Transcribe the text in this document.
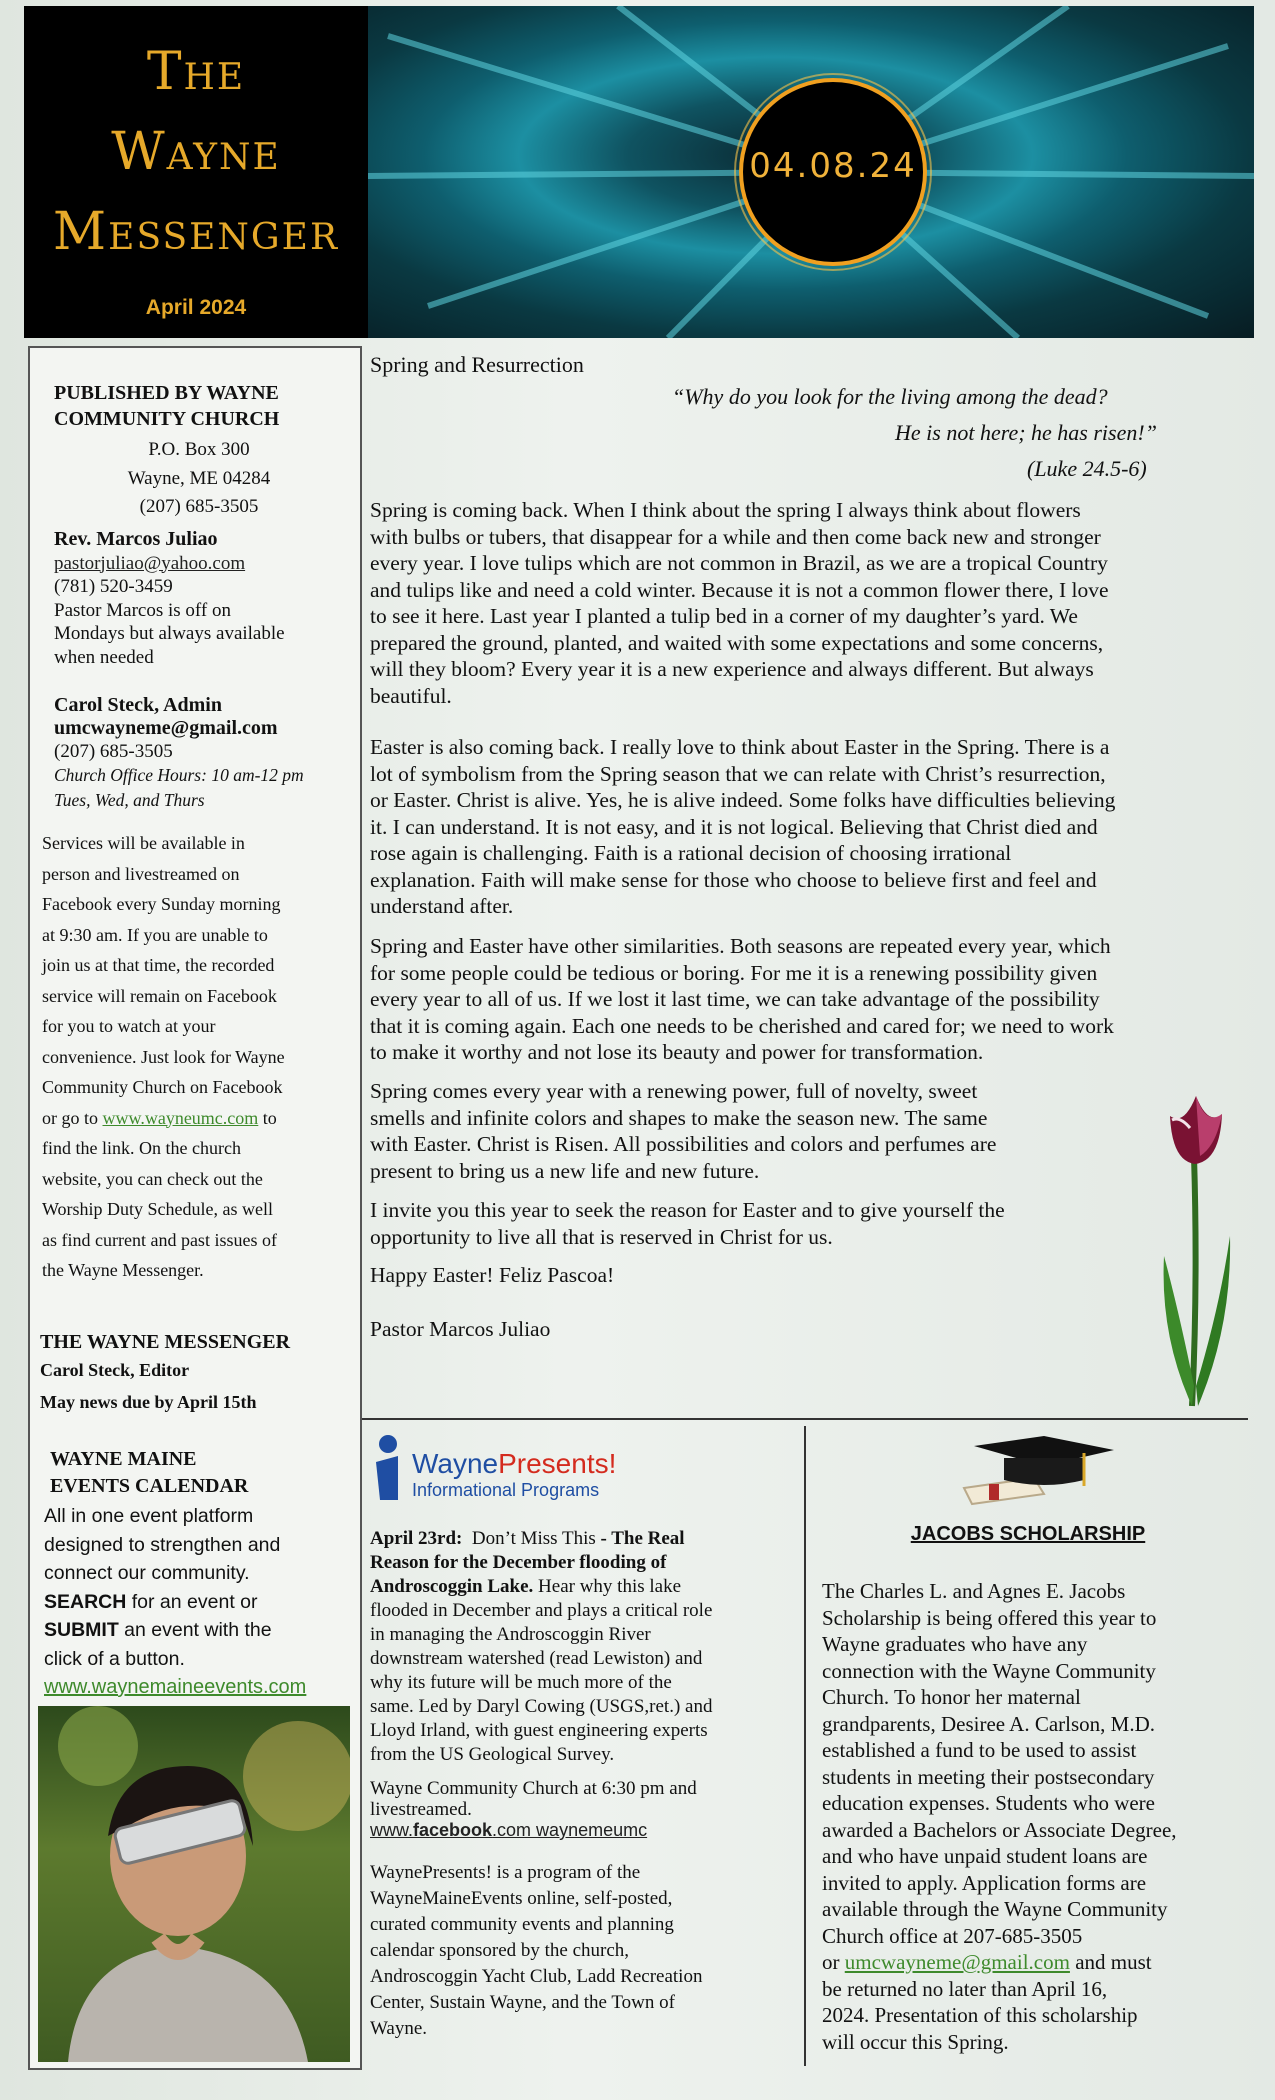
The
Wayne
Messenger
April 2024
04.08.24
PUBLISHED BY WAYNE
COMMUNITY CHURCH
P.O. Box 300
Wayne, ME 04284
(207) 685-3505
Rev. Marcos Juliao
pastorjuliao@yahoo.com
(781) 520-3459
Pastor Marcos is off on
Mondays but always available
when needed
Carol Steck, Admin
umcwayneme@gmail.com
(207) 685-3505
Church Office Hours: 10 am-12 pm
Tues, Wed, and Thurs
Services will be available in
person and livestreamed on
Facebook every Sunday morning
at 9:30 am. If you are unable to
join us at that time, the recorded
service will remain on Facebook
for you to watch at your
convenience. Just look for Wayne
Community Church on Facebook
or go to www.wayneumc.com to
find the link. On the church
website, you can check out the
Worship Duty Schedule, as well
as find current and past issues of
the Wayne Messenger.
THE WAYNE MESSENGER
Carol Steck, Editor
May news due by April 15th
WAYNE MAINE
EVENTS CALENDAR
All in one event platform
designed to strengthen and
connect our community.
SEARCH for an event or
SUBMIT an event with the
click of a button.
www.waynemaineevents.com
Spring and Resurrection
“Why do you look for the living among the dead?
He is not here; he has risen!”
(Luke 24.5-6)
Spring is coming back. When I think about the spring I always think about flowers
with bulbs or tubers, that disappear for a while and then come back new and stronger
every year. I love tulips which are not common in Brazil, as we are a tropical Country
and tulips like and need a cold winter. Because it is not a common flower there, I love
to see it here. Last year I planted a tulip bed in a corner of my daughter’s yard. We
prepared the ground, planted, and waited with some expectations and some concerns,
will they bloom? Every year it is a new experience and always different. But always
beautiful.
Easter is also coming back. I really love to think about Easter in the Spring. There is a
lot of symbolism from the Spring season that we can relate with Christ’s resurrection,
or Easter. Christ is alive. Yes, he is alive indeed. Some folks have difficulties believing
it. I can understand. It is not easy, and it is not logical. Believing that Christ died and
rose again is challenging. Faith is a rational decision of choosing irrational
explanation. Faith will make sense for those who choose to believe first and feel and
understand after.
Spring and Easter have other similarities. Both seasons are repeated every year, which
for some people could be tedious or boring. For me it is a renewing possibility given
every year to all of us. If we lost it last time, we can take advantage of the possibility
that it is coming again. Each one needs to be cherished and cared for; we need to work
to make it worthy and not lose its beauty and power for transformation.
Spring comes every year with a renewing power, full of novelty, sweet
smells and infinite colors and shapes to make the season new. The same
with Easter. Christ is Risen. All possibilities and colors and perfumes are
present to bring us a new life and new future.
I invite you this year to seek the reason for Easter and to give yourself the
opportunity to live all that is reserved in Christ for us.
Happy Easter! Feliz Pascoa!
Pastor Marcos Juliao
WaynePresents!
Informational Programs
April 23rd: Don’t Miss This - The Real
Reason for the December flooding of
Androscoggin Lake. Hear why this lake
flooded in December and plays a critical role
in managing the Androscoggin River
downstream watershed (read Lewiston) and
why its future will be much more of the
same. Led by Daryl Cowing (USGS,ret.) and
Lloyd Irland, with guest engineering experts
from the US Geological Survey.
Wayne Community Church at 6:30 pm and
livestreamed.
www.facebook.com waynemeumc
WaynePresents! is a program of the
WayneMaineEvents online, self-posted,
curated community events and planning
calendar sponsored by the church,
Androscoggin Yacht Club, Ladd Recreation
Center, Sustain Wayne, and the Town of
Wayne.
JACOBS SCHOLARSHIP
The Charles L. and Agnes E. Jacobs
Scholarship is being offered this year to
Wayne graduates who have any
connection with the Wayne Community
Church. To honor her maternal
grandparents, Desiree A. Carlson, M.D.
established a fund to be used to assist
students in meeting their postsecondary
education expenses. Students who were
awarded a Bachelors or Associate Degree,
and who have unpaid student loans are
invited to apply. Application forms are
available through the Wayne Community
Church office at 207-685-3505
or umcwayneme@gmail.com and must
be returned no later than April 16,
2024. Presentation of this scholarship
will occur this Spring.
